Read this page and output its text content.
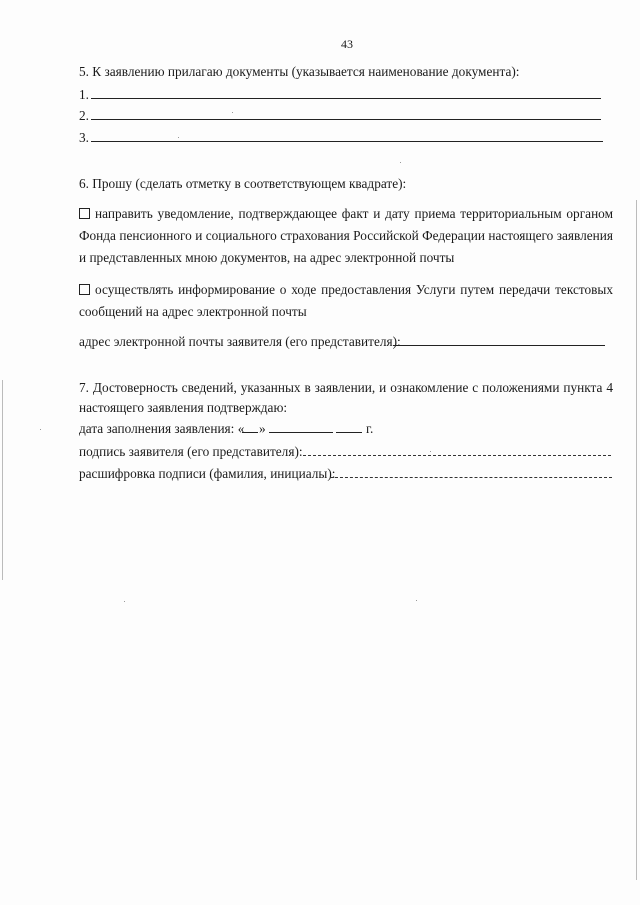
43
5. К заявлению прилагаю документы (указывается наименование документа):
1.
2.
3.
6. Прошу (сделать отметку в соответствующем квадрате):
направить уведомление, подтверждающее факт и дату приема территориальным органом
Фонда пенсионного и социального страхования Российской Федерации настоящего заявления
и представленных мною документов, на адрес электронной почты
осуществлять информирование о ходе предоставления Услуги путем передачи текстовых
сообщений на адрес электронной почты
адрес электронной почты заявителя (его представителя):
7. Достоверность сведений, указанных в заявлении, и ознакомление с положениями пункта 4
настоящего заявления подтверждаю:
дата заполнения заявления: « »	г.
подпись заявителя (его представителя):
расшифровка подписи (фамилия, инициалы):
